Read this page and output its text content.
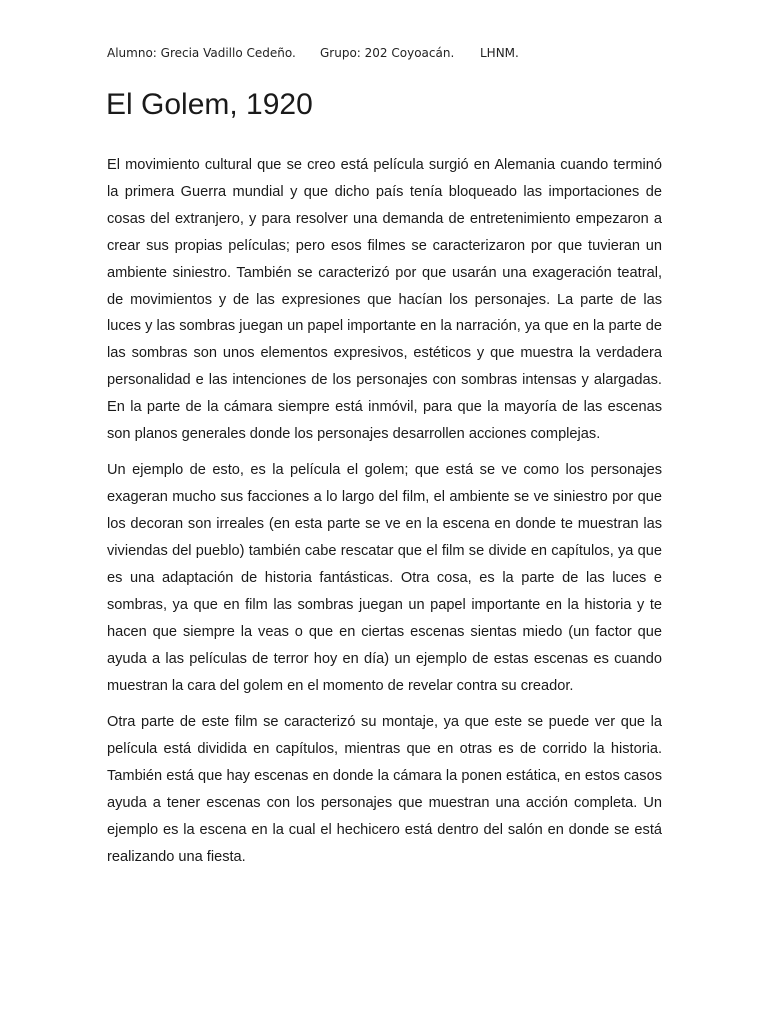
Alumno: Grecia Vadillo Cedeño. Grupo: 202 Coyoacán. LHNM.
El Golem, 1920

El movimiento cultural que se creo está película surgió en Alemania cuando terminó la primera Guerra mundial y que dicho país tenía bloqueado las importaciones de cosas del extranjero, y para resolver una demanda de entretenimiento empezaron a crear sus propias películas; pero esos filmes se caracterizaron por que tuvieran un ambiente siniestro. También se caracterizó por que usarán una exageración teatral, de movimientos y de las expresiones que hacían los personajes. La parte de las luces y las sombras juegan un papel importante en la narración, ya que en la parte de las sombras son unos elementos expresivos, estéticos y que muestra la verdadera personalidad e las intenciones de los personajes con sombras intensas y alargadas. En la parte de la cámara siempre está inmóvil, para que la mayoría de las escenas son planos generales donde los personajes desarrollen acciones complejas.

Un ejemplo de esto, es la película el golem; que está se ve como los personajes exageran mucho sus facciones a lo largo del film, el ambiente se ve siniestro por que los decoran son irreales (en esta parte se ve en la escena en donde te muestran las viviendas del pueblo) también cabe rescatar que el film se divide en capítulos, ya que es una adaptación de historia fantásticas. Otra cosa, es la parte de las luces e sombras, ya que en film las sombras juegan un papel importante en la historia y te hacen que siempre la veas o que en ciertas escenas sientas miedo (un factor que ayuda a las películas de terror hoy en día) un ejemplo de estas escenas es cuando muestran la cara del golem en el momento de revelar contra su creador.

Otra parte de este film se caracterizó su montaje, ya que este se puede ver que la película está dividida en capítulos, mientras que en otras es de corrido la historia. También está que hay escenas en donde la cámara la ponen estática, en estos casos ayuda a tener escenas con los personajes que muestran una acción completa. Un ejemplo es la escena en la cual el hechicero está dentro del salón en donde se está realizando una fiesta.
